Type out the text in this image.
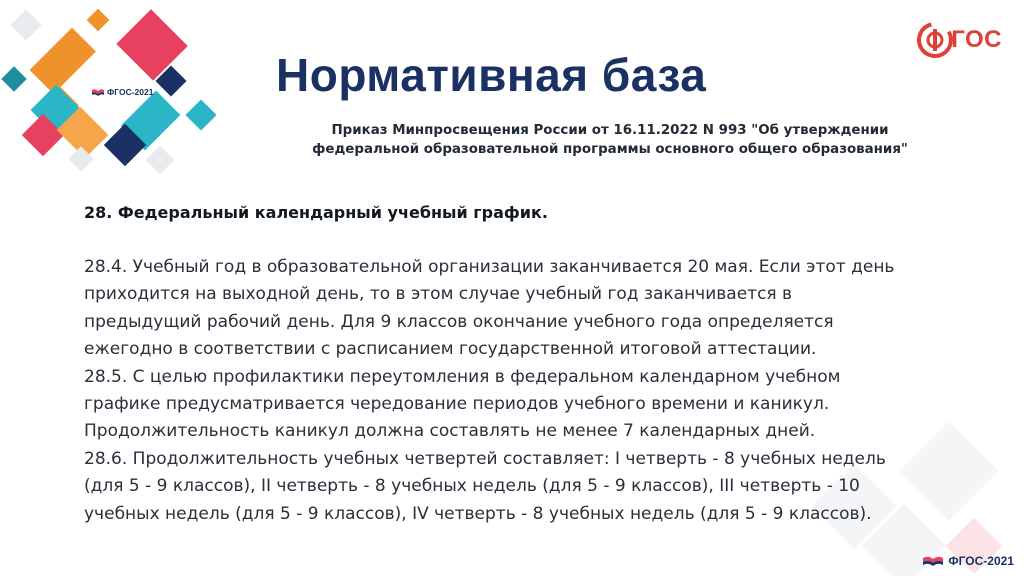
ФГОС-2021
ГОС
Нормативная база
Приказ Минпросвещения России от 16.11.2022 N 993 "Об утверждении
федеральной образовательной программы основного общего образования"
28. Федеральный календарный учебный график.
28.4. Учебный год в образовательной организации заканчивается 20 мая. Если этот день
приходится на выходной день, то в этом случае учебный год заканчивается в
предыдущий рабочий день. Для 9 классов окончание учебного года определяется
ежегодно в соответствии с расписанием государственной итоговой аттестации.
28.5. С целью профилактики переутомления в федеральном календарном учебном
графике предусматривается чередование периодов учебного времени и каникул.
Продолжительность каникул должна составлять не менее 7 календарных дней.
28.6. Продолжительность учебных четвертей составляет: I четверть - 8 учебных недель
(для 5 - 9 классов), II четверть - 8 учебных недель (для 5 - 9 классов), III четверть - 10
учебных недель (для 5 - 9 классов), IV четверть - 8 учебных недель (для 5 - 9 классов).
ФГОС-2021
